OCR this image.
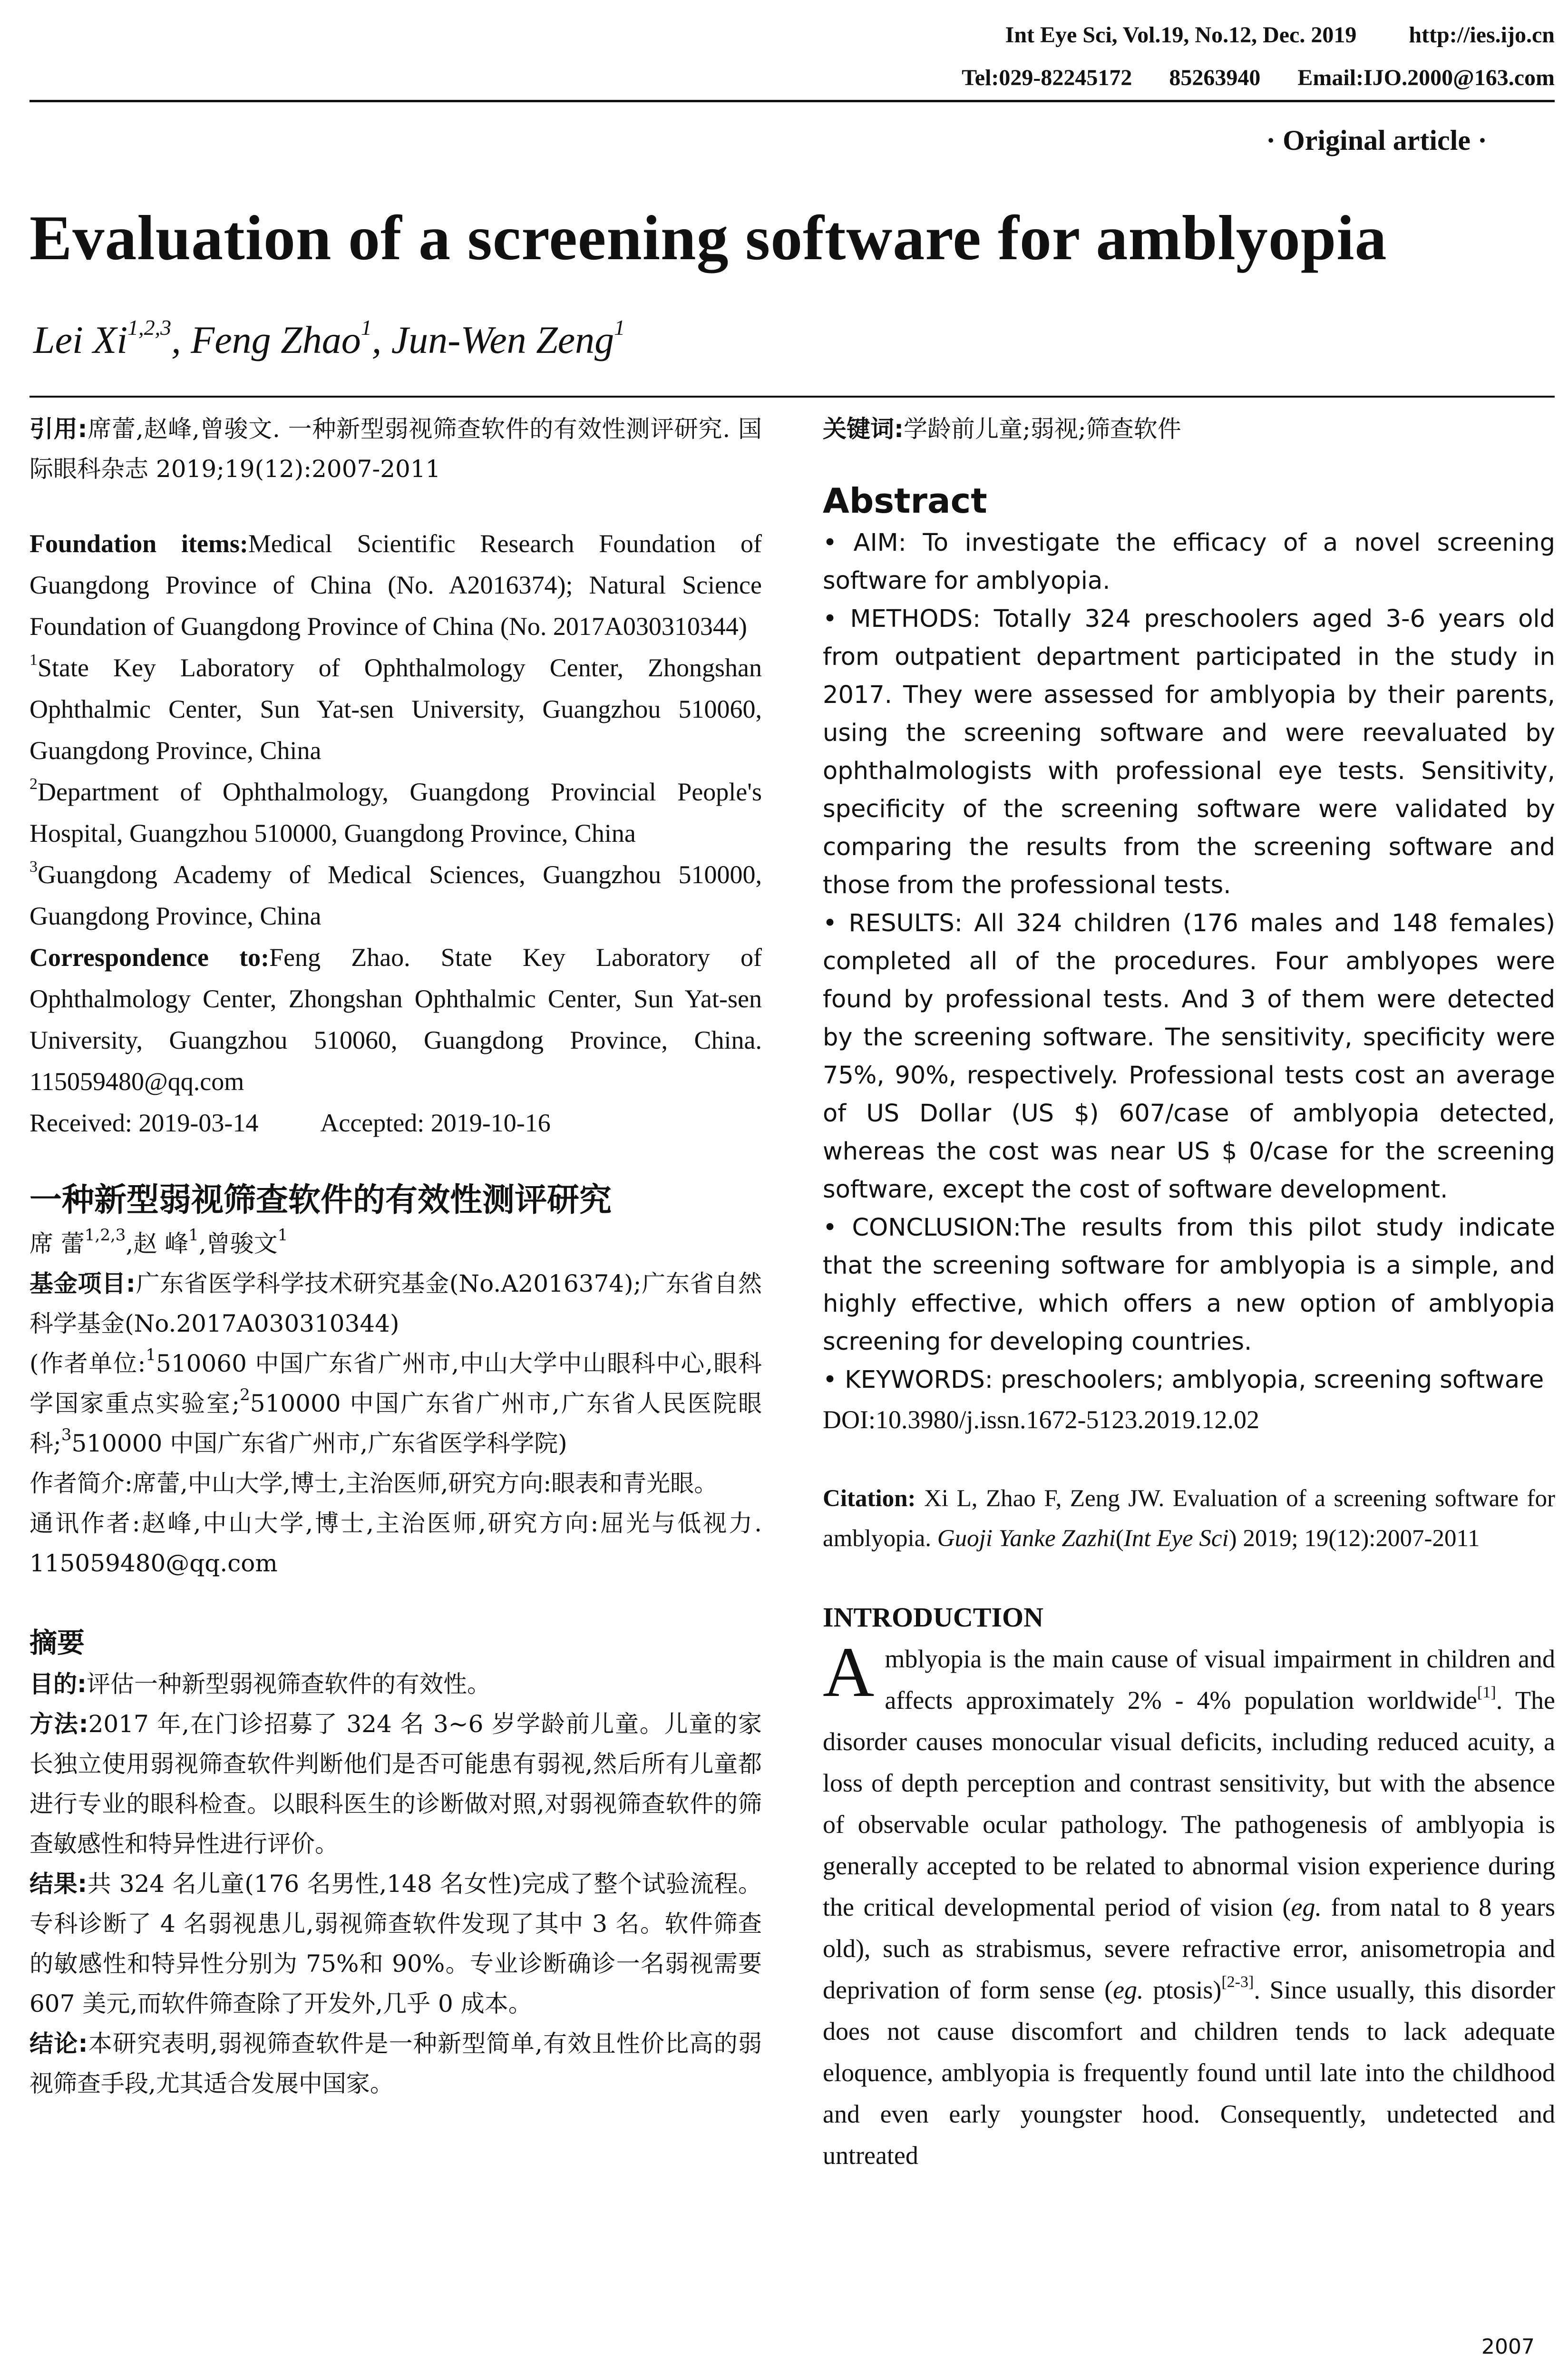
Int Eye Sci, Vol.19, No.12, Dec. 2019 http://ies.ijo.cn
Tel:029-82245172 85263940 Email:IJO.2000@163.com
· Original article ·
Evaluation of a screening software for amblyopia
Lei Xi$^{1,2,3}$, Feng Zhao$^1$, Jun-Wen Zeng$^1$

引用:席蕾,赵峰,曾骏文. 一种新型弱视筛查软件的有效性测评研究. 国际眼科杂志 2019;19(12):2007-2011

Foundation items:Medical Scientific Research Foundation of Guangdong Province of China (No. A2016374); Natural Science Foundation of Guangdong Province of China (No. 2017A030310344)

$^1$State Key Laboratory of Ophthalmology Center, Zhongshan Ophthalmic Center, Sun Yat-sen University, Guangzhou 510060, Guangdong Province, China

$^2$Department of Ophthalmology, Guangdong Provincial People's Hospital, Guangzhou 510000, Guangdong Province, China

$^3$Guangdong Academy of Medical Sciences, Guangzhou 510000, Guangdong Province, China

Correspondence to:Feng Zhao. State Key Laboratory of Ophthalmology Center, Zhongshan Ophthalmic Center, Sun Yat-sen University, Guangzhou 510060, Guangdong Province, China. 115059480@qq.com

Received: 2019-03-14 Accepted: 2019-10-16

一种新型弱视筛查软件的有效性测评研究

席 蕾$^{1,2,3}$,赵 峰$^1$,曾骏文$^1$

基金项目:广东省医学科学技术研究基金(No.A2016374);广东省自然科学基金(No.2017A030310344)

(作者单位:$^1$510060 中国广东省广州市,中山大学中山眼科中心,眼科学国家重点实验室;$^2$510000 中国广东省广州市,广东省人民医院眼科;$^3$510000 中国广东省广州市,广东省医学科学院)

作者简介:席蕾,中山大学,博士,主治医师,研究方向:眼表和青光眼。

通讯作者:赵峰,中山大学,博士,主治医师,研究方向:屈光与低视力. 115059480@qq.com

摘要

目的:评估一种新型弱视筛查软件的有效性。

方法:2017 年,在门诊招募了 324 名 3~6 岁学龄前儿童。儿童的家长独立使用弱视筛查软件判断他们是否可能患有弱视,然后所有儿童都进行专业的眼科检查。以眼科医生的诊断做对照,对弱视筛查软件的筛查敏感性和特异性进行评价。

结果:共 324 名儿童(176 名男性,148 名女性)完成了整个试验流程。专科诊断了 4 名弱视患儿,弱视筛查软件发现了其中 3 名。软件筛查的敏感性和特异性分别为 75%和 90%。专业诊断确诊一名弱视需要 607 美元,而软件筛查除了开发外,几乎 0 成本。

结论:本研究表明,弱视筛查软件是一种新型简单,有效且性价比高的弱视筛查手段,尤其适合发展中国家。

关键词:学龄前儿童;弱视;筛查软件

Abstract

• AIM: To investigate the efficacy of a novel screening software for amblyopia.

• METHODS: Totally 324 preschoolers aged 3-6 years old from outpatient department participated in the study in 2017. They were assessed for amblyopia by their parents, using the screening software and were reevaluated by ophthalmologists with professional eye tests. Sensitivity, specificity of the screening software were validated by comparing the results from the screening software and those from the professional tests.

• RESULTS: All 324 children (176 males and 148 females) completed all of the procedures. Four amblyopes were found by professional tests. And 3 of them were detected by the screening software. The sensitivity, specificity were 75%, 90%, respectively. Professional tests cost an average of US Dollar (US $) 607/case of amblyopia detected, whereas the cost was near US $ 0/case for the screening software, except the cost of software development.

• CONCLUSION:The results from this pilot study indicate that the screening software for amblyopia is a simple, and highly effective, which offers a new option of amblyopia screening for developing countries.

• KEYWORDS: preschoolers; amblyopia, screening software

DOI:10.3980/j.issn.1672-5123.2019.12.02

Citation: Xi L, Zhao F, Zeng JW. Evaluation of a screening software for amblyopia. Guoji Yanke Zazhi(Int Eye Sci) 2019; 19(12):2007-2011

INTRODUCTION

Amblyopia is the main cause of visual impairment in children and affects approximately 2% - 4% population worldwide[1]. The disorder causes monocular visual deficits, including reduced acuity, a loss of depth perception and contrast sensitivity, but with the absence of observable ocular pathology. The pathogenesis of amblyopia is generally accepted to be related to abnormal vision experience during the critical developmental period of vision (eg. from natal to 8 years old), such as strabismus, severe refractive error, anisometropia and deprivation of form sense (eg. ptosis)[2-3]. Since usually, this disorder does not cause discomfort and children tends to lack adequate eloquence, amblyopia is frequently found until late into the childhood and even early youngster hood. Consequently, undetected and untreated

2007
